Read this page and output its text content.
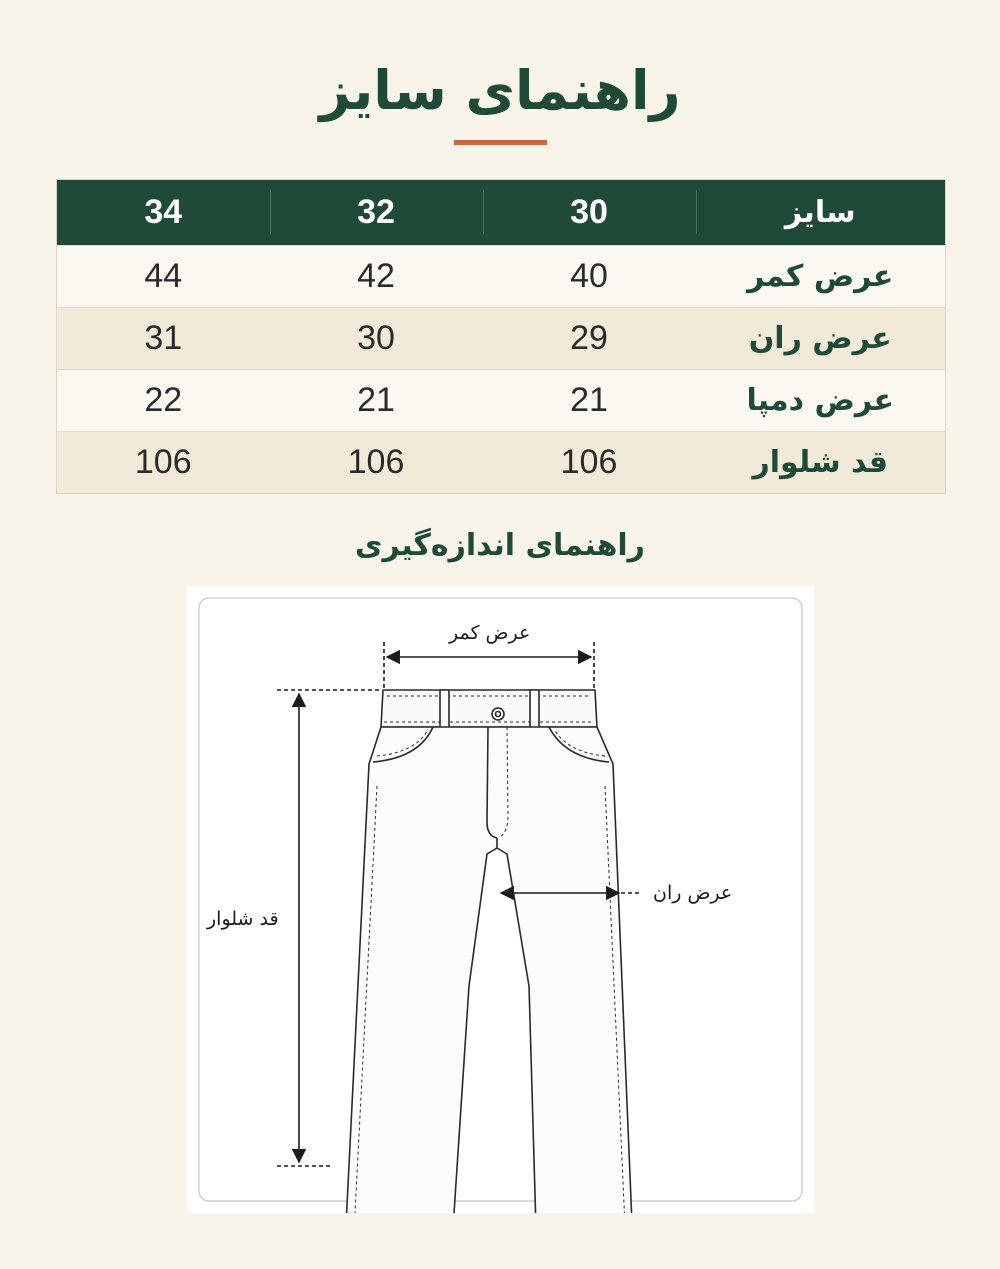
راهنمای سایز
34	32	30	سایز
44	42	40	عرض کمر
31	30	29	عرض ران
22	21	21	عرض دمپا
106	106	106	قد شلوار
راهنمای اندازه‌گیری
عرض کمر
عرض ران
قد شلوار
